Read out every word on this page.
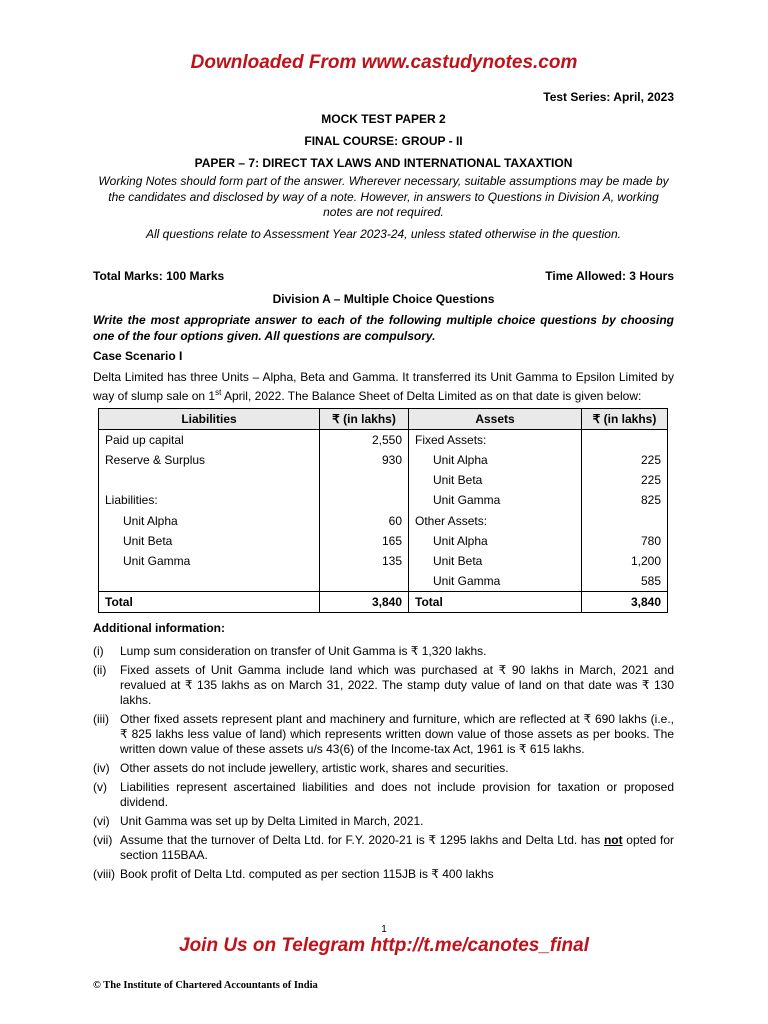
Downloaded From www.castudynotes.com

Test Series: April, 2023

MOCK TEST PAPER 2

FINAL COURSE: GROUP - II

PAPER – 7: DIRECT TAX LAWS AND INTERNATIONAL TAXAXTION

Working Notes should form part of the answer. Wherever necessary, suitable assumptions may be made by the candidates and disclosed by way of a note. However, in answers to Questions in Division A, working notes are not required.

All questions relate to Assessment Year 2023-24, unless stated otherwise in the question.

Total Marks: 100 Marks	Time Allowed: 3 Hours

Division A – Multiple Choice Questions

Write the most appropriate answer to each of the following multiple choice questions by choosing one of the four options given. All questions are compulsory.

Case Scenario I

Delta Limited has three Units – Alpha, Beta and Gamma. It transferred its Unit Gamma to Epsilon Limited by way of slump sale on 1st April, 2022. The Balance Sheet of Delta Limited as on that date is given below:

Liabilities	₹ (in lakhs)	Assets	₹ (in lakhs)
Paid up capital	2,550	Fixed Assets:	
Reserve & Surplus	930	Unit Alpha	225
		Unit Beta	225
Liabilities:		Unit Gamma	825
Unit Alpha	60	Other Assets:	
Unit Beta	165	Unit Alpha	780
Unit Gamma	135	Unit Beta	1,200
		Unit Gamma	585
Total	3,840	Total	3,840

Additional information:

(i)	Lump sum consideration on transfer of Unit Gamma is ₹ 1,320 lakhs.
(ii)	Fixed assets of Unit Gamma include land which was purchased at ₹ 90 lakhs in March, 2021 and revalued at ₹ 135 lakhs as on March 31, 2022. The stamp duty value of land on that date was ₹ 130 lakhs.
(iii) Other fixed assets represent plant and machinery and furniture, which are reflected at ₹ 690 lakhs (i.e., ₹ 825 lakhs less value of land) which represents written down value of those assets as per books. The written down value of these assets u/s 43(6) of the Income-tax Act, 1961 is ₹ 615 lakhs.
(iv) Other assets do not include jewellery, artistic work, shares and securities.
(v)	Liabilities represent ascertained liabilities and does not include provision for taxation or proposed dividend.
(vi) Unit Gamma was set up by Delta Limited in March, 2021.
(vii) Assume that the turnover of Delta Ltd. for F.Y. 2020-21 is ₹ 1295 lakhs and Delta Ltd. has not opted for section 115BAA.
(viii) Book profit of Delta Ltd. computed as per section 115JB is ₹ 400 lakhs
1
Join Us on Telegram http://t.me/canotes_final
© The Institute of Chartered Accountants of India
